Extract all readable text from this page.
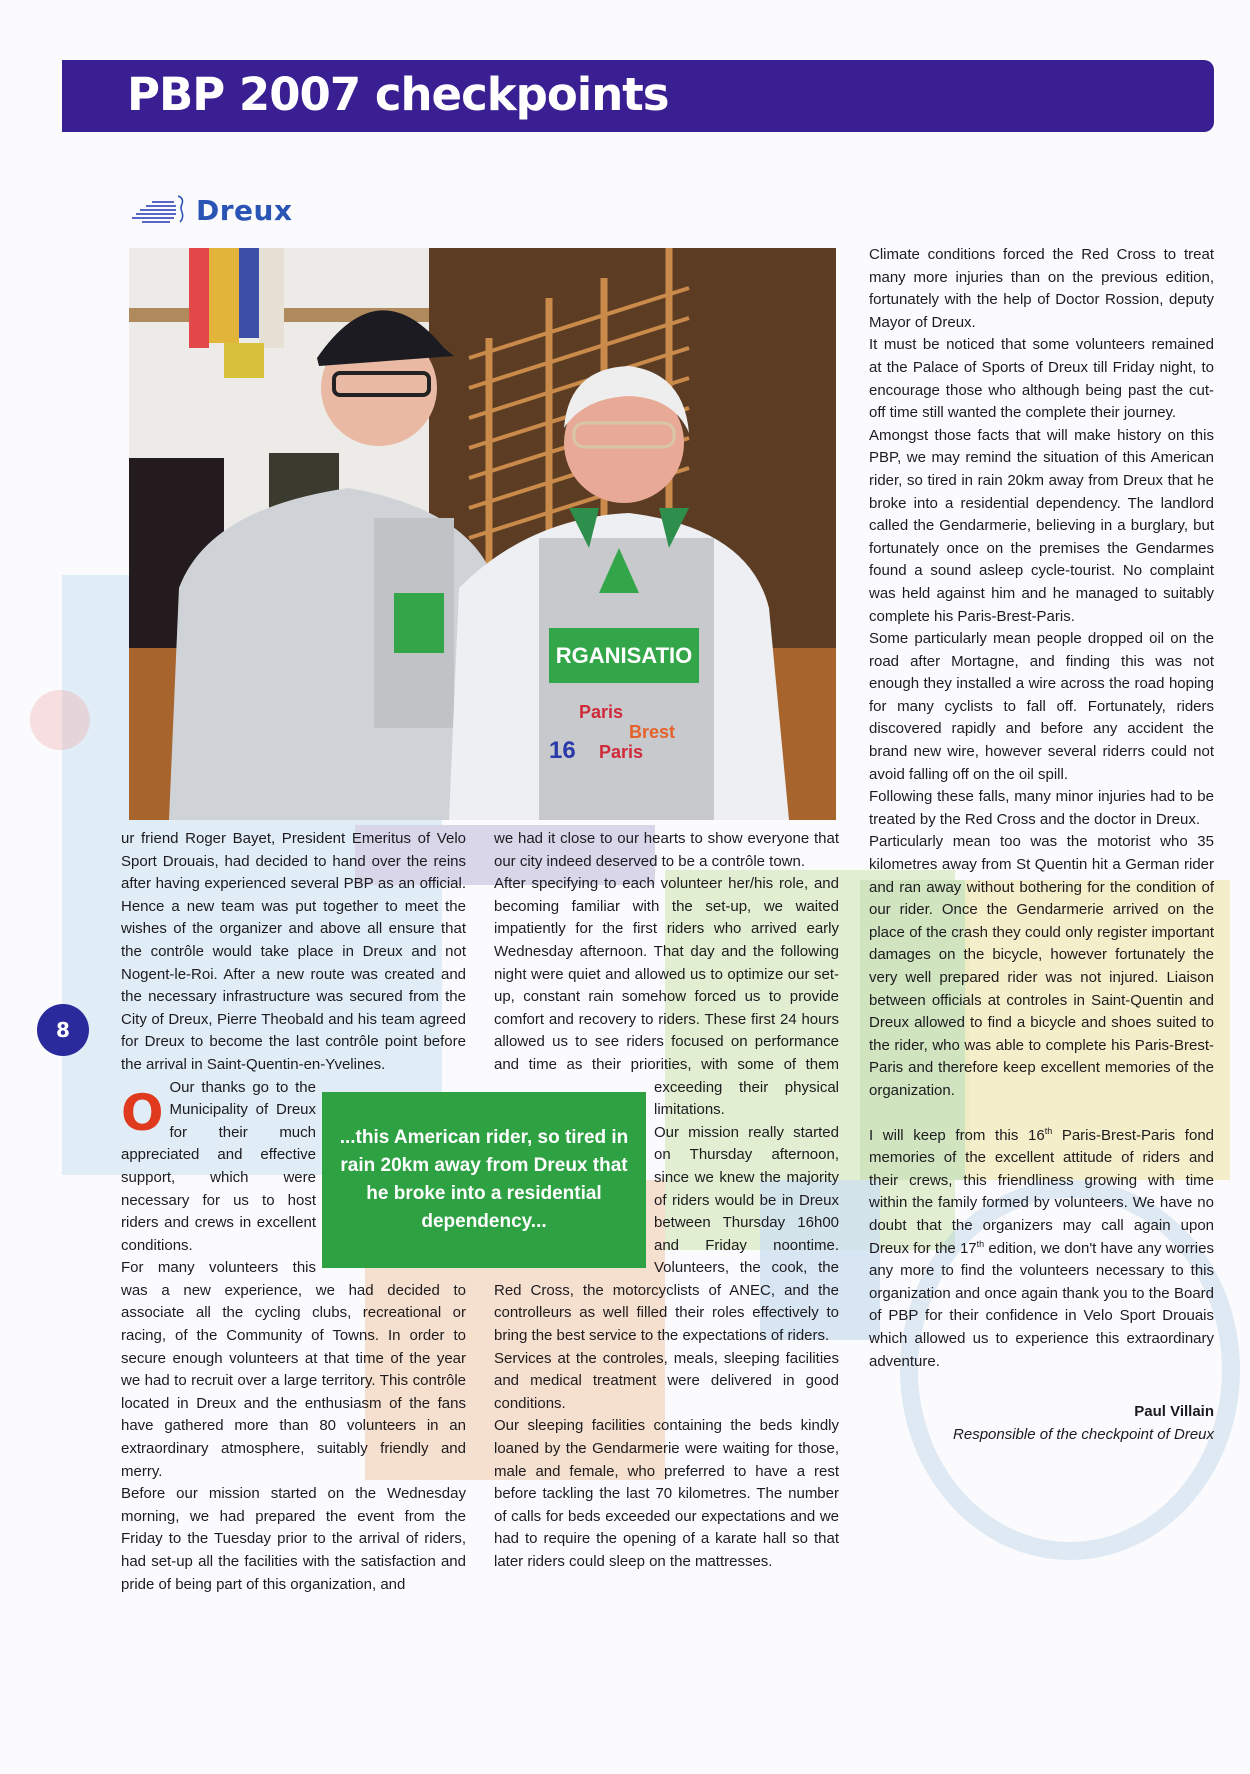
PBP 2007 checkpoints
Dreux
RGANISATIO
Paris
Brest
16 Paris
8

O
ur friend Roger Bayet, President Emeritus of Velo Sport Drouais, had decided to hand over the reins after having experienced several PBP as an official. Hence a new team was put together to meet the wishes of the organizer and above all ensure that the contrôle would take place in Dreux and not Nogent-le-Roi. After a new route was created and the necessary infrastructure was secured from the City of Dreux, Pierre Theobald and his team agreed for Dreux to become the last contrôle point before the arrival in Saint-Quentin-en-Yvelines.

Our thanks go to the Municipality of Dreux for their much appreciated and effective support, which were necessary for us to host riders and crews in excellent conditions.

For many volunteers this was a new experience, we had decided to associate all the cycling clubs, recreational or racing, of the Community of Towns. In order to secure enough volunteers at that time of the year we had to recruit over a large territory. This contrôle located in Dreux and the enthusiasm of the fans have gathered more than 80 volunteers in an extraordinary atmosphere, suitably friendly and merry.

Before our mission started on the Wednesday morning, we had prepared the event from the Friday to the Tuesday prior to the arrival of riders, had set-up all the facilities with the satisfaction and pride of being part of this organization, and

we had it close to our hearts to show everyone that our city indeed deserved to be a contrôle town.

After specifying to each volunteer her/his role, and becoming familiar with the set-up, we waited impatiently for the first riders who arrived early Wednesday afternoon. That day and the following night were quiet and allowed us to optimize our set-up, constant rain somehow forced us to provide comfort and recovery to riders. These first 24 hours allowed us to see riders focused on performance and time as their priorities, with some of them exceeding their physical limitations.

Our mission really started on Thursday afternoon, since we knew the majority of riders would be in Dreux between Thursday 16h00 and Friday noontime. Volunteers, the cook, the Red Cross, the motorcyclists of ANEC, and the controlleurs as well filled their roles effectively to bring the best service to the expectations of riders.

Services at the controles, meals, sleeping facilities and medical treatment were delivered in good conditions.

Our sleeping facilities containing the beds kindly loaned by the Gendarmerie were waiting for those, male and female, who preferred to have a rest before tackling the last 70 kilometres. The number of calls for beds exceeded our expectations and we had to require the opening of a karate hall so that later riders could sleep on the mattresses.

...this American rider, so tired in rain 20km away from Dreux that he broke into a residential dependency...

Climate conditions forced the Red Cross to treat many more injuries than on the previous edition, fortunately with the help of Doctor Rossion, deputy Mayor of Dreux.

It must be noticed that some volunteers remained at the Palace of Sports of Dreux till Friday night, to encourage those who although being past the cut-off time still wanted the complete their journey.

Amongst those facts that will make history on this PBP, we may remind the situation of this American rider, so tired in rain 20km away from Dreux that he broke into a residential dependency. The landlord called the Gendarmerie, believing in a burglary, but fortunately once on the premises the Gendarmes found a sound asleep cycle-tourist. No complaint was held against him and he managed to suitably complete his Paris-Brest-Paris.

Some particularly mean people dropped oil on the road after Mortagne, and finding this was not enough they installed a wire across the road hoping for many cyclists to fall off. Fortunately, riders discovered rapidly and before any accident the brand new wire, however several riderrs could not avoid falling off on the oil spill.

Following these falls, many minor injuries had to be treated by the Red Cross and the doctor in Dreux.

Particularly mean too was the motorist who 35 kilometres away from St Quentin hit a German rider and ran away without bothering for the condition of our rider. Once the Gendarmerie arrived on the place of the crash they could only register important damages on the bicycle, however fortunately the very well prepared rider was not injured. Liaison between officials at controles in Saint-Quentin and Dreux allowed to find a bicycle and shoes suited to the rider, who was able to complete his Paris-Brest-Paris and therefore keep excellent memories of the organization.

I will keep from this 16th Paris-Brest-Paris fond memories of the excellent attitude of riders and their crews, this friendliness growing with time within the family formed by volunteers. We have no doubt that the organizers may call again upon Dreux for the 17th edition, we don't have any worries any more to find the volunteers necessary to this organization and once again thank you to the Board of PBP for their confidence in Velo Sport Drouais which allowed us to experience this extraordinary adventure.

Paul Villain
Responsible of the checkpoint of Dreux
